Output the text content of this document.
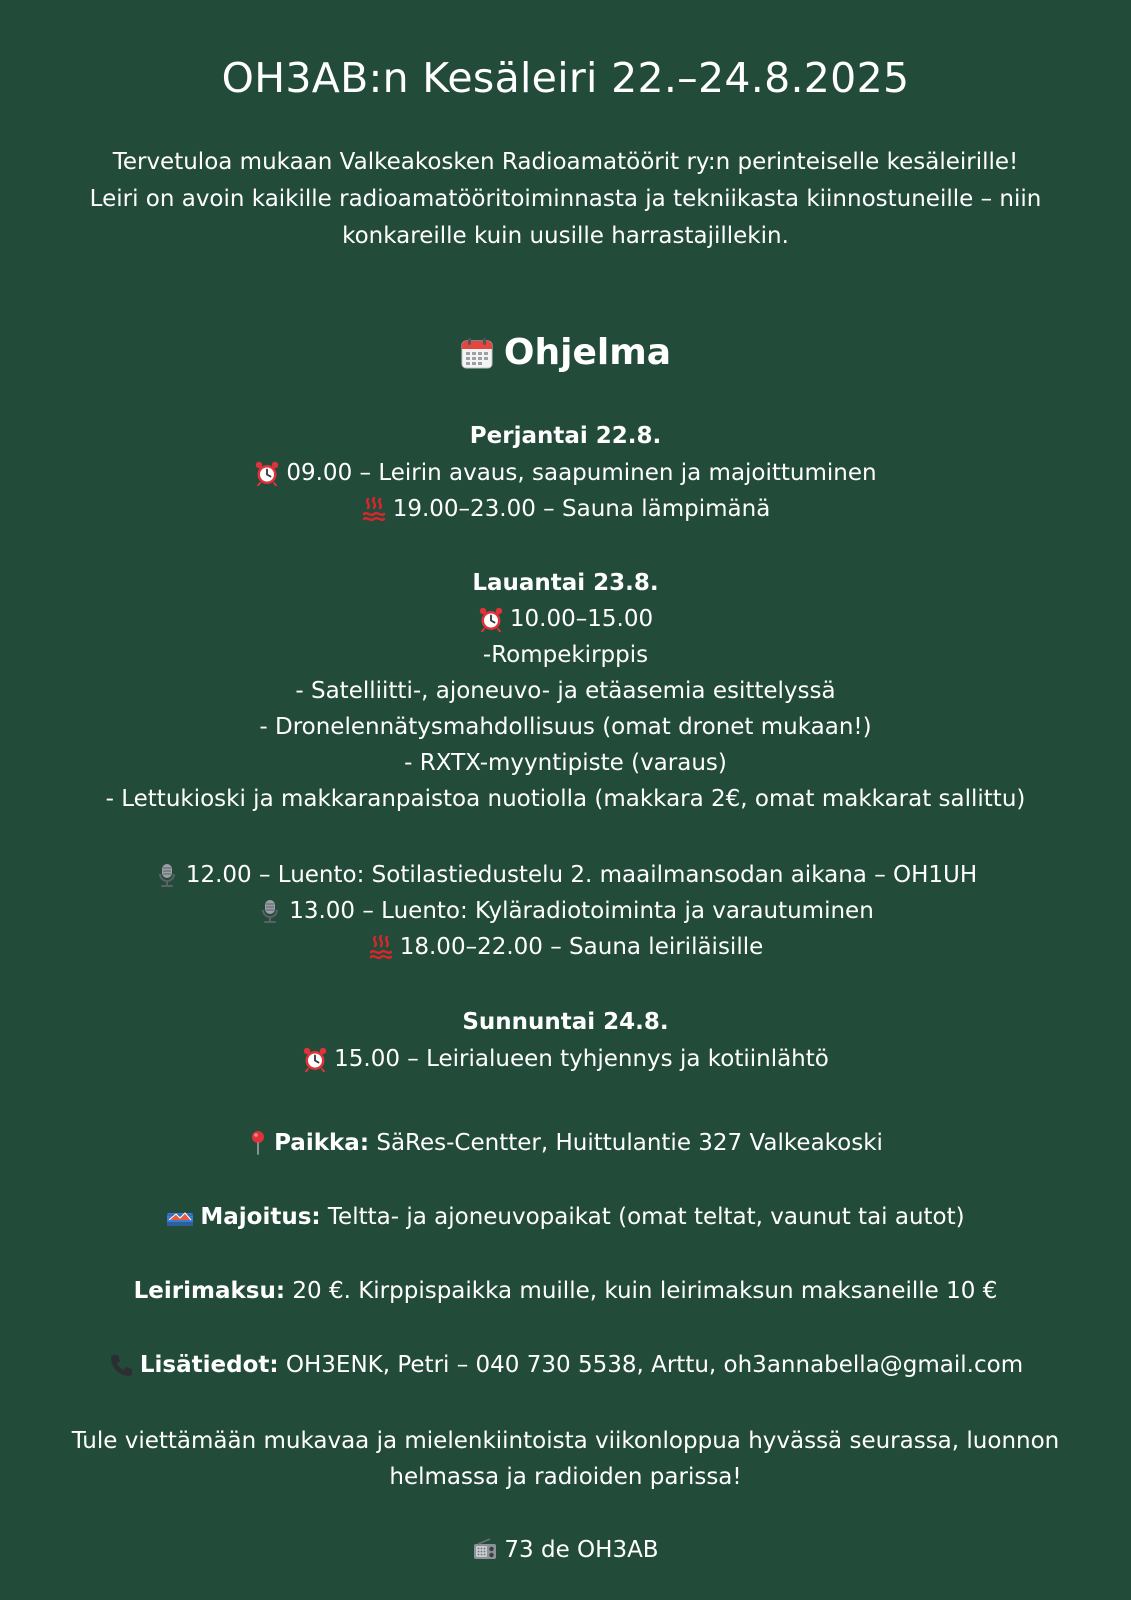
OH3AB:n Kesäleiri 22.–24.8.2025
Tervetuloa mukaan Valkeakosken Radioamatöörit ry:n perinteiselle kesäleirille!
Leiri on avoin kaikille radioamatööritoiminnasta ja tekniikasta kiinnostuneille – niin
konkareille kuin uusille harrastajillekin.
Ohjelma
Perjantai 22.8.
09.00 – Leirin avaus, saapuminen ja majoittuminen
19.00–23.00 – Sauna lämpimänä
Lauantai 23.8.
10.00–15.00
-Rompekirppis
- Satelliitti-, ajoneuvo- ja etäasemia esittelyssä
- Dronelennätysmahdollisuus (omat dronet mukaan!)
- RXTX-myyntipiste (varaus)
- Lettukioski ja makkaranpaistoa nuotiolla (makkara 2€, omat makkarat sallittu)
12.00 – Luento: Sotilastiedustelu 2. maailmansodan aikana – OH1UH
13.00 – Luento: Kyläradiotoiminta ja varautuminen
18.00–22.00 – Sauna leiriläisille
Sunnuntai 24.8.
15.00 – Leirialueen tyhjennys ja kotiinlähtö
Paikka: SäRes-Centter, Huittulantie 327 Valkeakoski
Majoitus: Teltta- ja ajoneuvopaikat (omat teltat, vaunut tai autot)
Leirimaksu: 20 €. Kirppispaikka muille, kuin leirimaksun maksaneille 10 €
Lisätiedot: OH3ENK, Petri – 040 730 5538, Arttu, oh3annabella@gmail.com
Tule viettämään mukavaa ja mielenkiintoista viikonloppua hyvässä seurassa, luonnon
helmassa ja radioiden parissa!
73 de OH3AB
